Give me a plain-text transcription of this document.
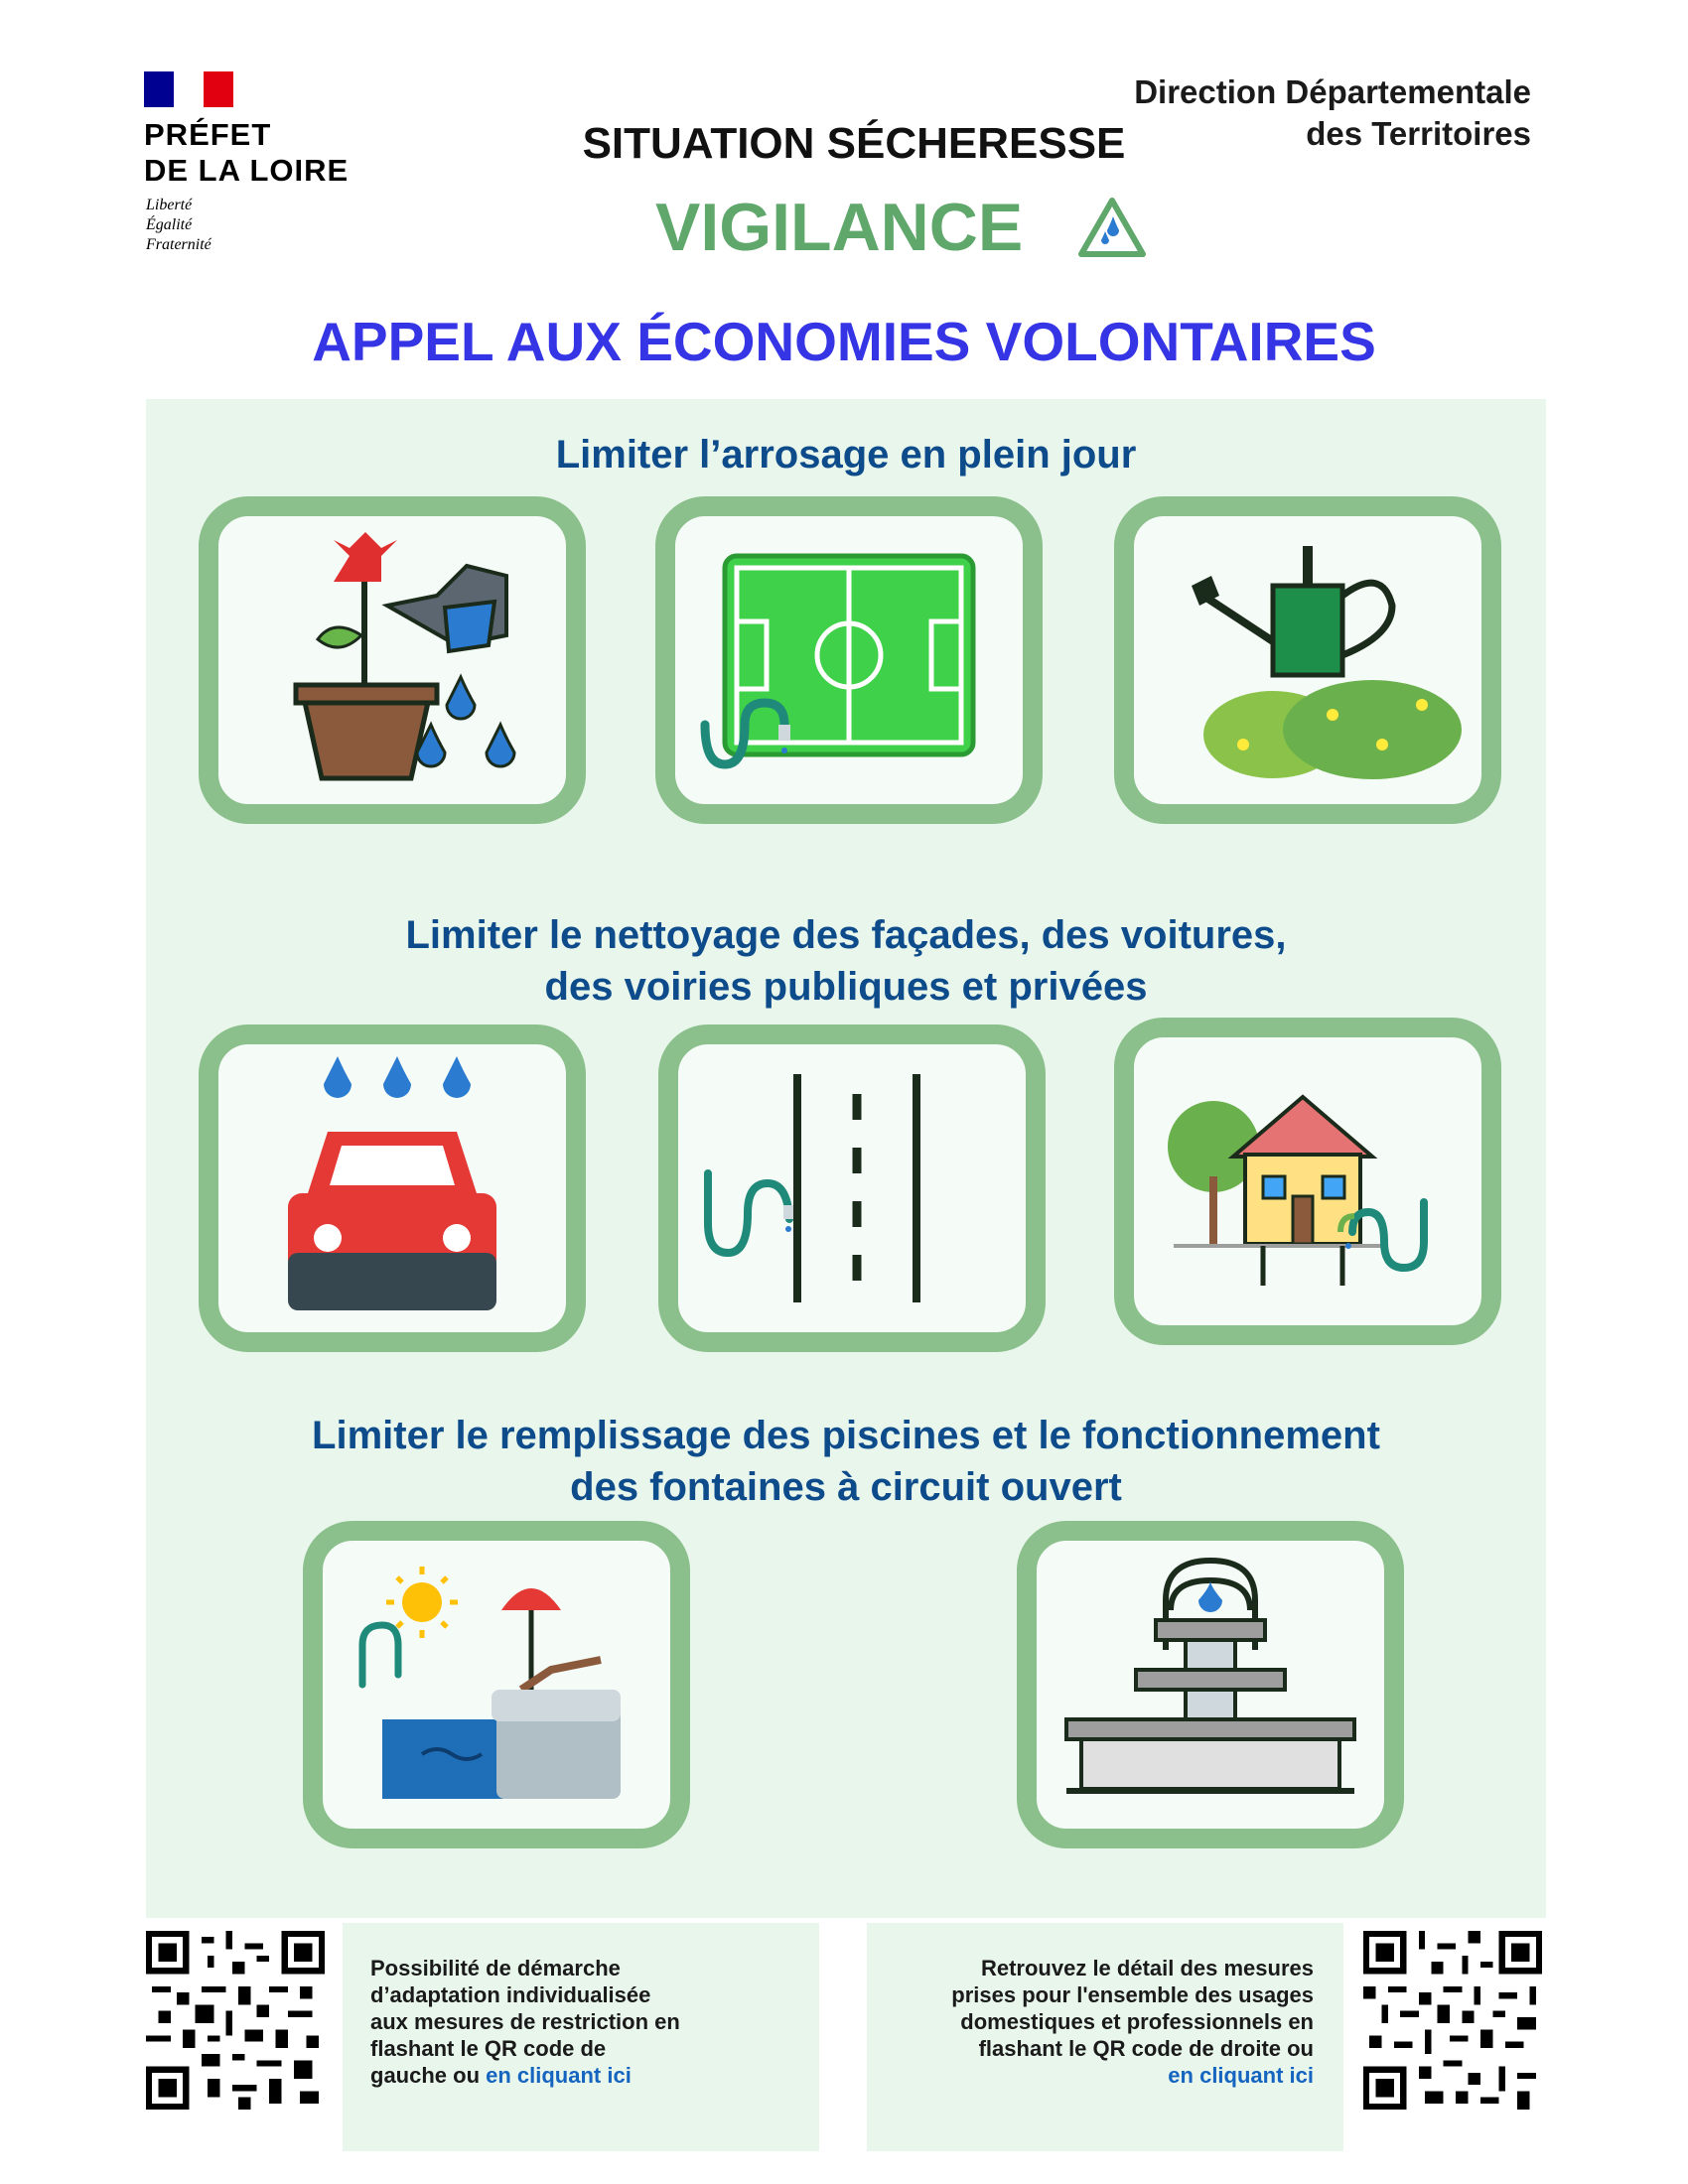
PRÉFET
DE LA LOIRE
Liberté
Égalité
Fraternité
Direction Départementale
des Territoires
SITUATION SÉCHERESSE
VIGILANCE
APPEL AUX ÉCONOMIES VOLONTAIRES
Limiter l’arrosage en plein jour
Limiter le nettoyage des façades, des voitures,
des voiries publiques et privées
Limiter le remplissage des piscines et le fonctionnement
des fontaines à circuit ouvert
Possibilité de démarche
d’adaptation individualisée
aux mesures de restriction en
flashant le QR code de
gauche ou en cliquant ici
Retrouvez le détail des mesures
prises pour l'ensemble des usages
domestiques et professionnels en
flashant le QR code de droite ou
en cliquant ici
